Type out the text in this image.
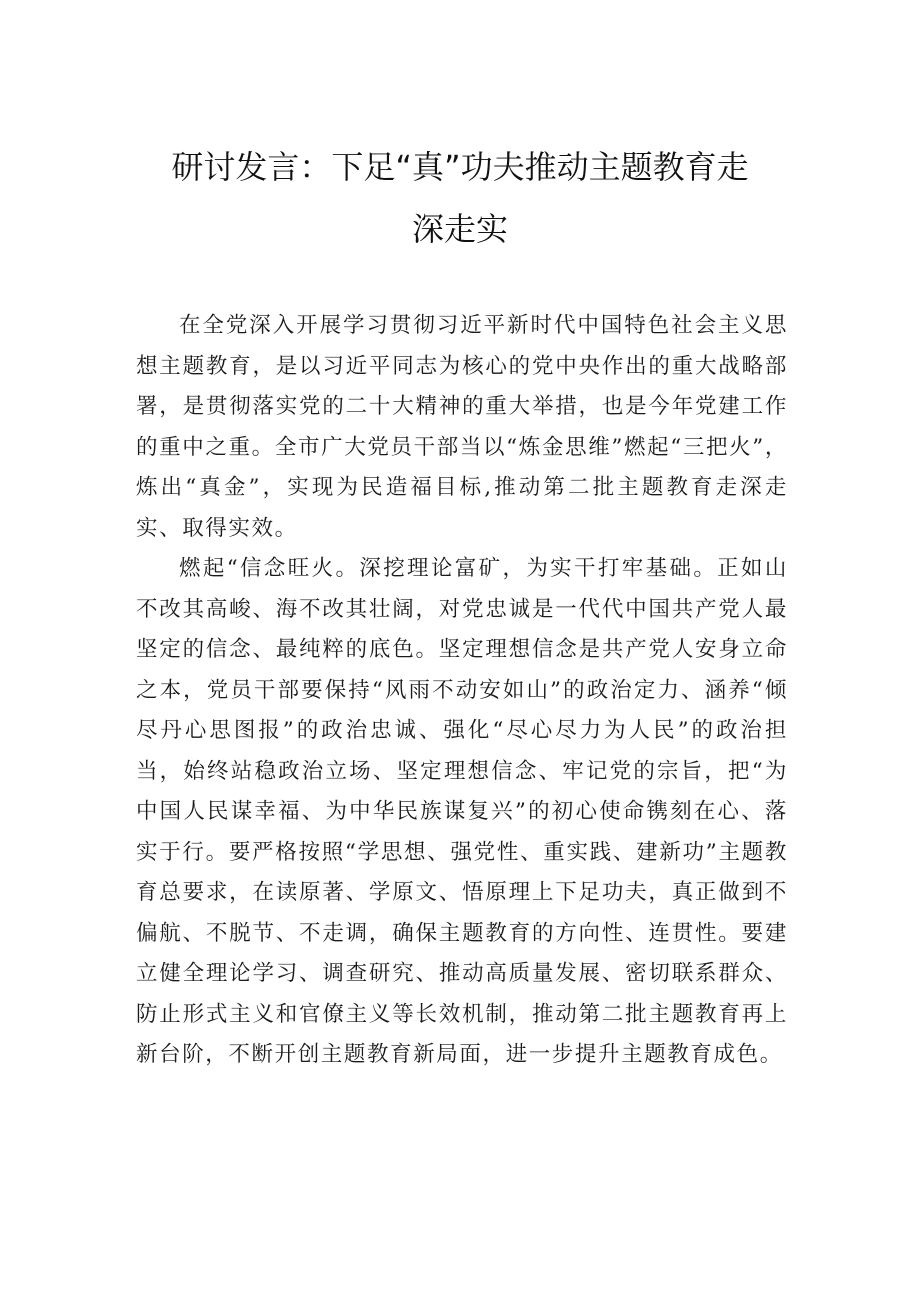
研讨发言：下足“真”功夫推动主题教育走
深走实

在全党深入开展学习贯彻习近平新时代中国特色社会主义思想主题教育，是以习近平同志为核心的党中央作出的重大战略部署，是贯彻落实党的二十大精神的重大举措，也是今年党建工作的重中之重。全市广大党员干部当以“炼金思维”燃起“三把火”，炼出“真金”，实现为民造福目标,推动第二批主题教育走深走实、取得实效。

燃起“信念旺火。深挖理论富矿，为实干打牢基础。正如山不改其高峻、海不改其壮阔，对党忠诚是一代代中国共产党人最坚定的信念、最纯粹的底色。坚定理想信念是共产党人安身立命之本，党员干部要保持“风雨不动安如山”的政治定力、涵养“倾尽丹心思图报”的政治忠诚、强化“尽心尽力为人民”的政治担当，始终站稳政治立场、坚定理想信念、牢记党的宗旨，把“为中国人民谋幸福、为中华民族谋复兴”的初心使命镌刻在心、落实于行。要严格按照“学思想、强党性、重实践、建新功”主题教育总要求，在读原著、学原文、悟原理上下足功夫，真正做到不偏航、不脱节、不走调，确保主题教育的方向性、连贯性。要建立健全理论学习、调查研究、推动高质量发展、密切联系群众、防止形式主义和官僚主义等长效机制，推动第二批主题教育再上新台阶，不断开创主题教育新局面，进一步提升主题教育成色。
